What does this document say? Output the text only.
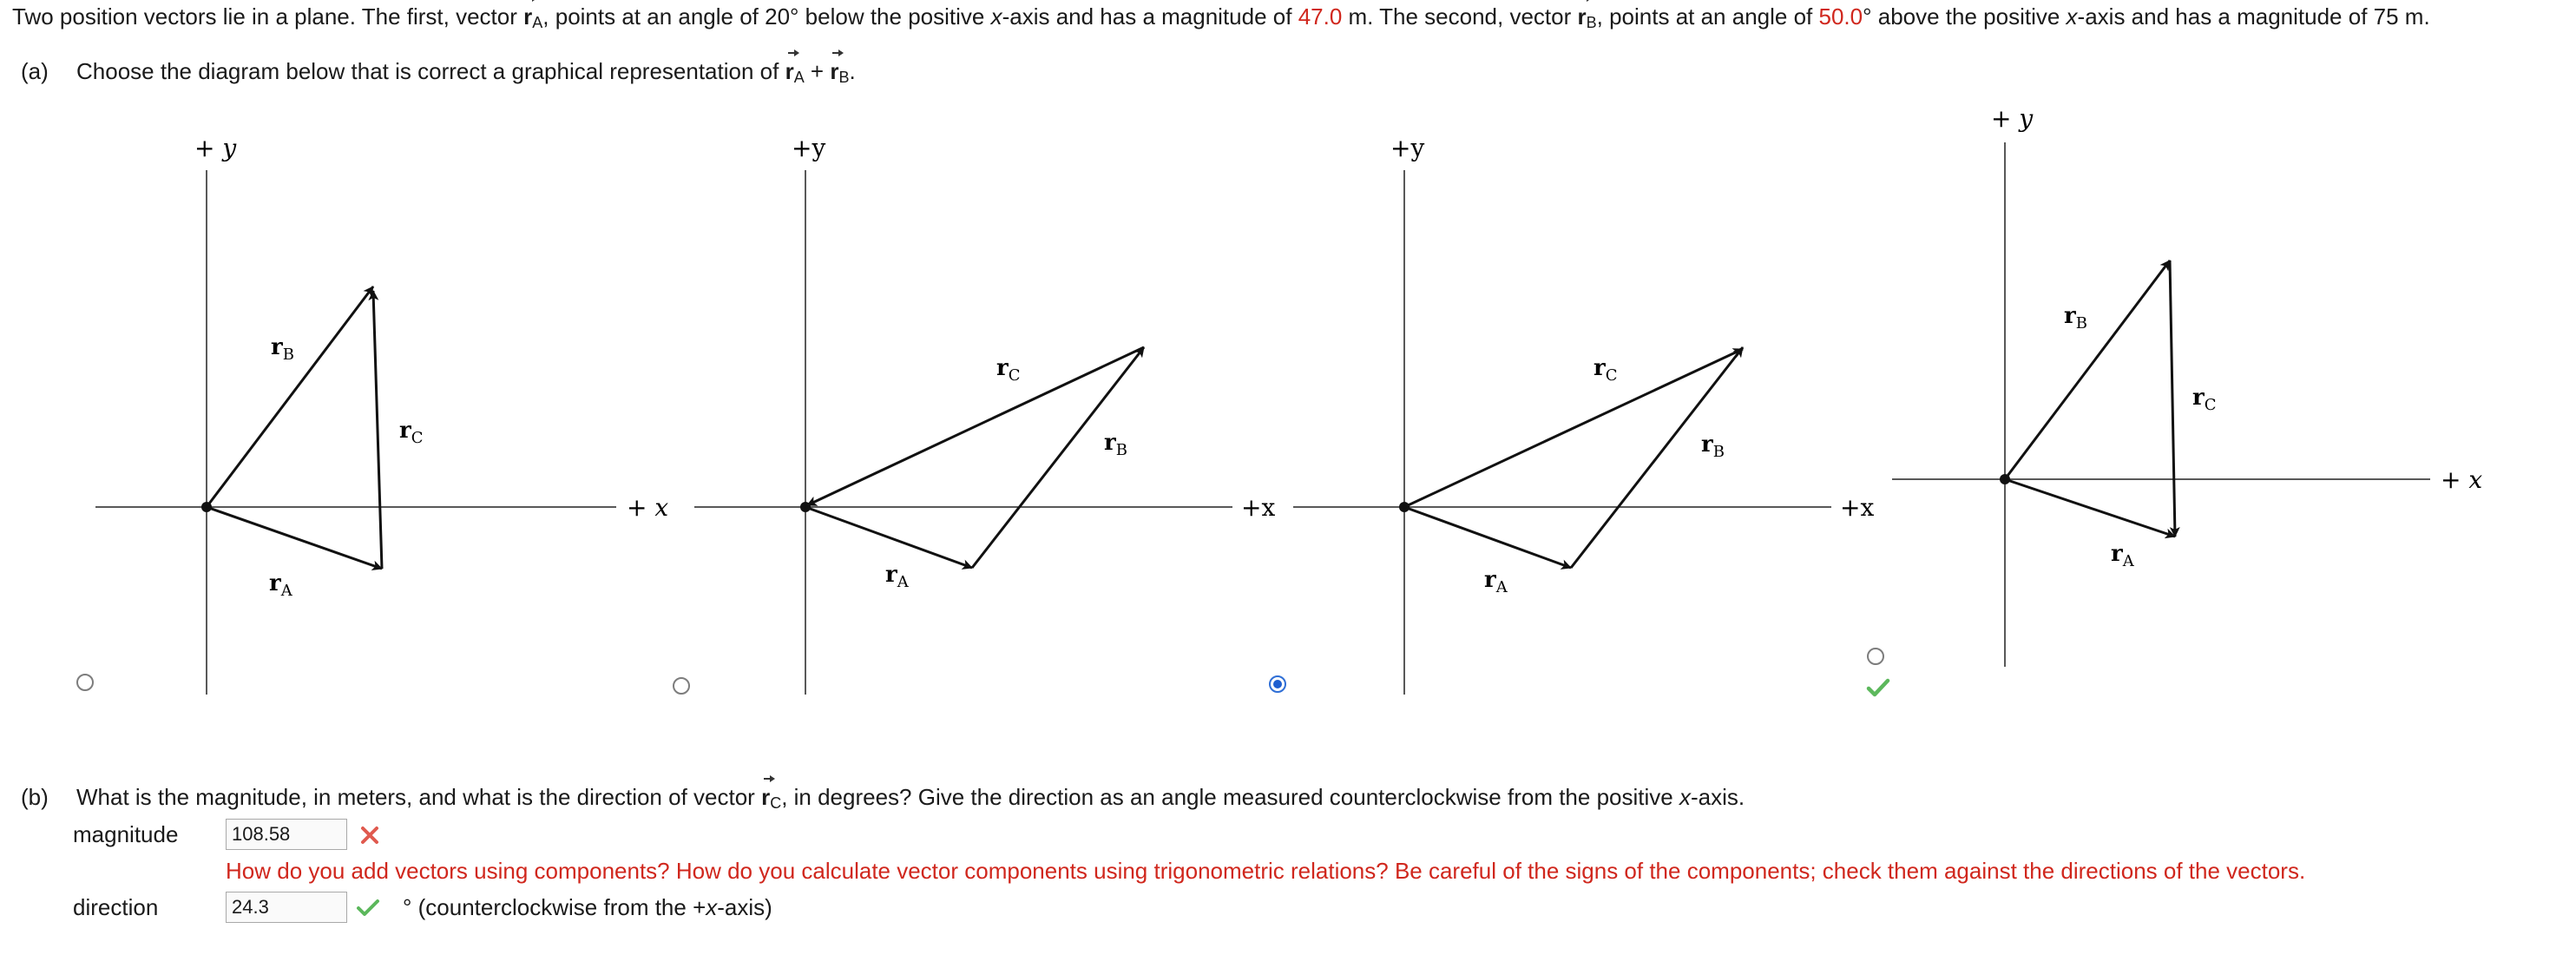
Two position vectors lie in a plane. The first, vector $r_A$, points at an angle of 20° below the positive x-axis and has a magnitude of 47.0 m. The second, vector $r_B$, points at an angle of 50.0° above the positive x-axis and has a magnitude of 75 m.
(a) Choose the diagram below that is correct a graphical representation of $r_A + r_B$.
+ y
+ x
$r_A$
$r_B$
$r_C$
+y
+x
$r_A$
$r_B$
$r_C$
+y
+x
$r_A$
$r_B$
$r_C$
+ y
+ x
$r_A$
$r_B$
$r_C$
(b) What is the magnitude, in meters, and what is the direction of vector $r_C$, in degrees? Give the direction as an angle measured counterclockwise from the positive x-axis.
magnitude
108.58
How do you add vectors using components? How do you calculate vector components using trigonometric relations? Be careful of the signs of the components; check them against the directions of the vectors.
direction
24.3	° (counterclockwise from the +x-axis)
